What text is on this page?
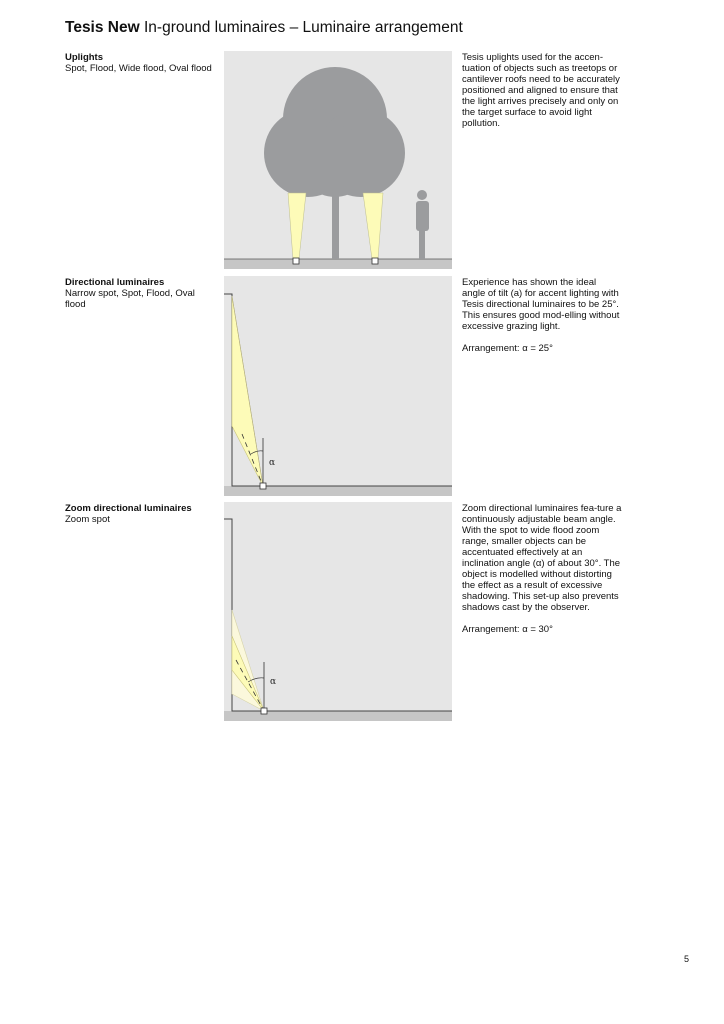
Tesis New In-ground luminaires – Luminaire arrangement
Uplights
Spot, Flood, Wide flood, Oval flood

Tesis uplights used for the accen-tuation of objects such as treetops or cantilever roofs need to be accurately positioned and aligned to ensure that the light arrives precisely and only on the target surface to avoid light pollution.

Directional luminaires
Narrow spot, Spot, Flood, Oval flood
α

Experience has shown the ideal angle of tilt (a) for accent lighting with Tesis directional luminaires to be 25°. This ensures good mod-elling without excessive grazing light.

Arrangement: α = 25°

Zoom directional luminaires
Zoom spot
α

Zoom directional luminaires fea-ture a continuously adjustable beam angle. With the spot to wide flood zoom range, smaller objects can be accentuated effectively at an inclination angle (α) of about 30°. The object is modelled without distorting the effect as a result of excessive shadowing. This set-up also prevents shadows cast by the observer.

Arrangement: α = 30°

5
